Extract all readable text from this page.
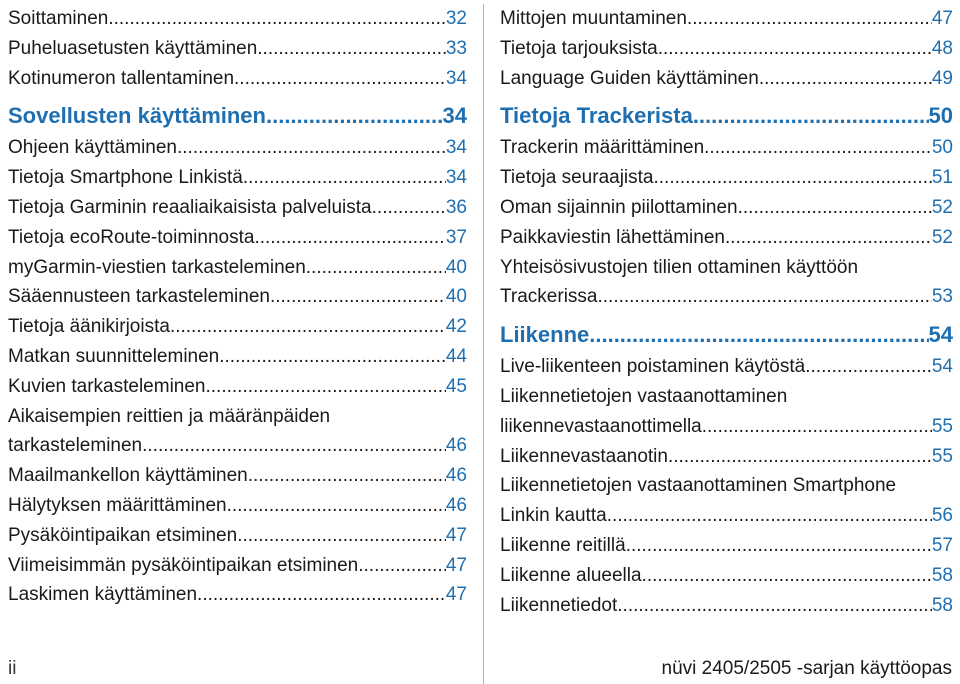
Soittaminen .....	32
Puheluasetusten käyttäminen .....	33
Kotinumeron tallentaminen .....	34
Sovellusten käyttäminen .....	34
Ohjeen käyttäminen .....	34
Tietoja Smartphone Linkistä .....	34
Tietoja Garminin reaaliaikaisista palveluista .....	36
Tietoja ecoRoute-toiminnosta .....	37
myGarmin-viestien tarkasteleminen .....	40
Sääennusteen tarkasteleminen .....	40
Tietoja äänikirjoista .....	42
Matkan suunnitteleminen .....	44
Kuvien tarkasteleminen .....	45
Aikaisempien reittien ja määränpäiden
tarkasteleminen .....	46
Maailmankellon käyttäminen .....	46
Hälytyksen määrittäminen .....	46
Pysäköintipaikan etsiminen .....	47
Viimeisimmän pysäköintipaikan etsiminen .....	47
Laskimen käyttäminen .....	47
Mittojen muuntaminen .....	47
Tietoja tarjouksista .....	48
Language Guiden käyttäminen .....	49
Tietoja Trackerista .....	50
Trackerin määrittäminen .....	50
Tietoja seuraajista .....	51
Oman sijainnin piilottaminen .....	52
Paikkaviestin lähettäminen .....	52
Yhteisösivustojen tilien ottaminen käyttöön
Trackerissa .....	53
Liikenne .....	54
Live-liikenteen poistaminen käytöstä .....	54
Liikennetietojen vastaanottaminen
liikennevastaanottimella .....	55
Liikennevastaanotin .....	55
Liikennetietojen vastaanottaminen Smartphone
Linkin kautta .....	56
Liikenne reitillä .....	57
Liikenne alueella .....	58
Liikennetiedot .....	58
ii	nüvi 2405/2505 -sarjan käyttöopas
